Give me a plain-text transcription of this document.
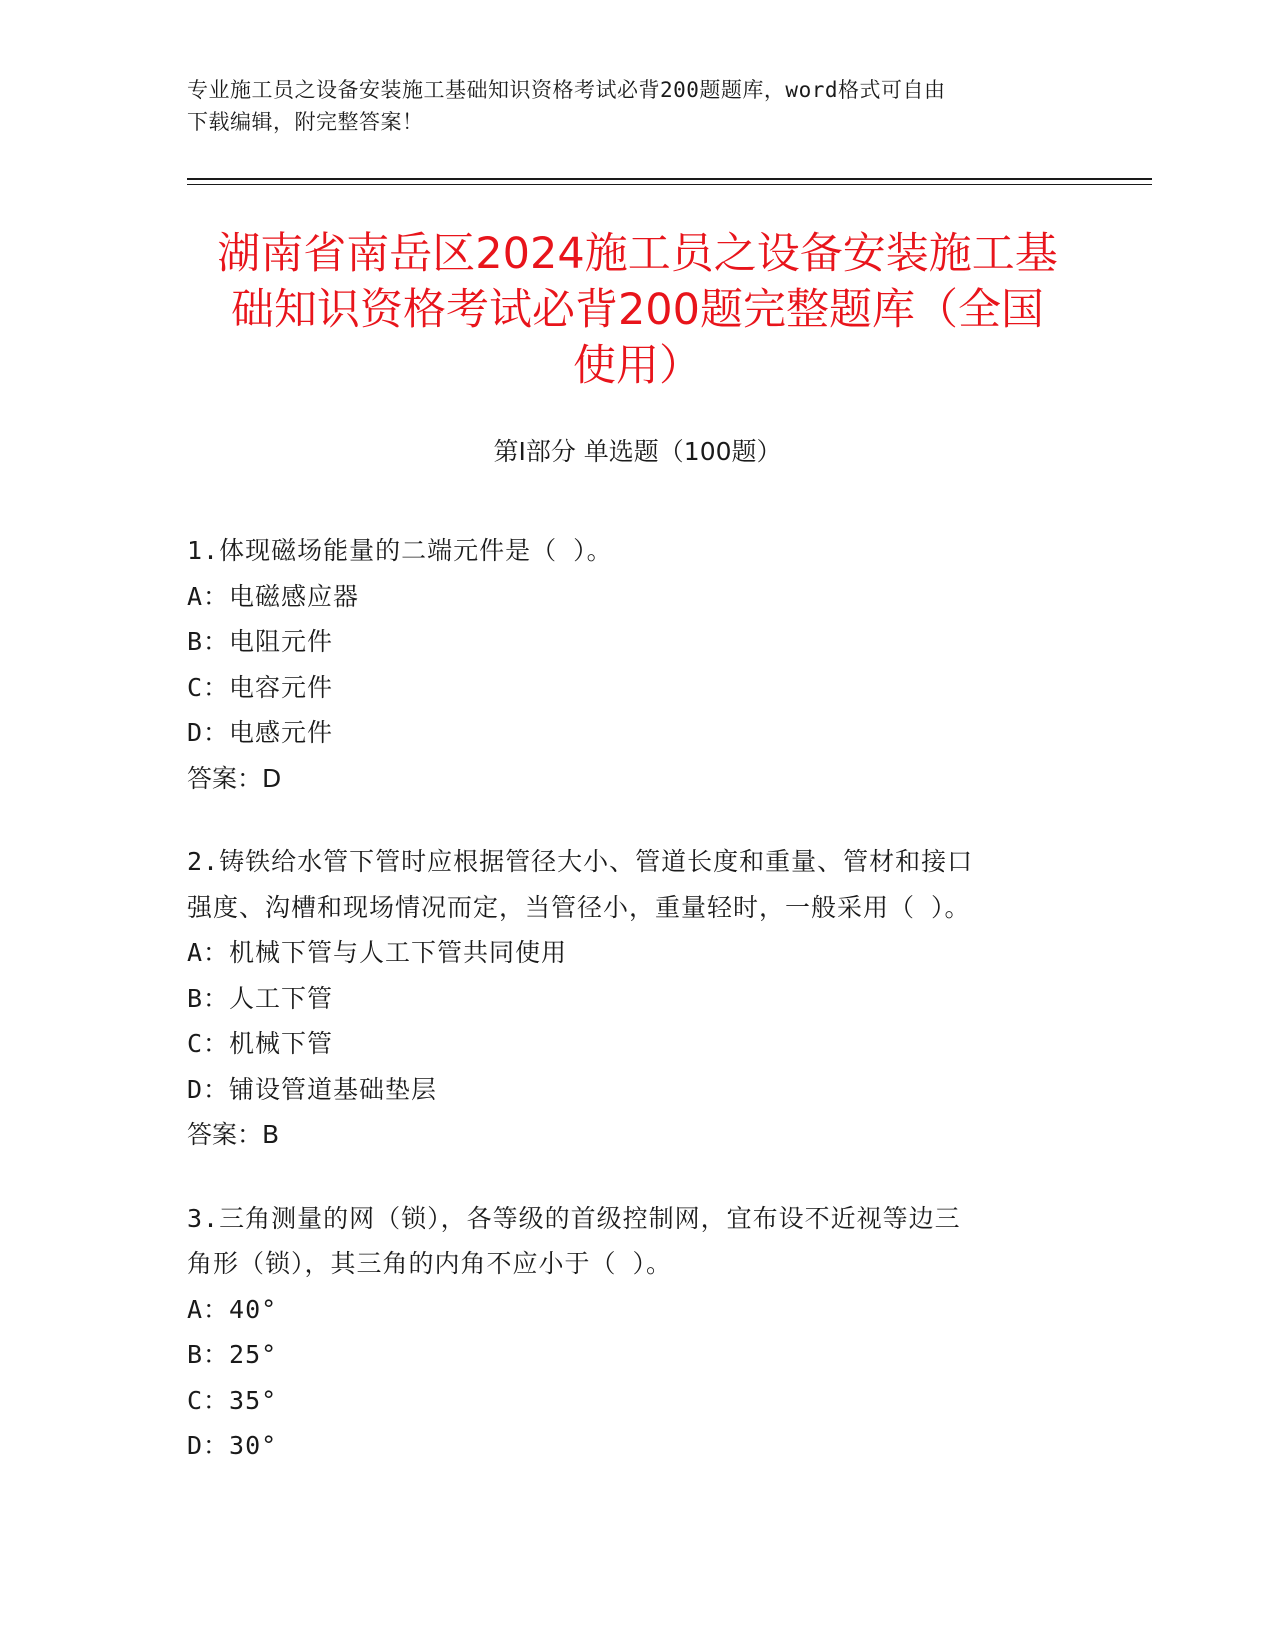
专业施工员之设备安装施工基础知识资格考试必背200题题库，word格式可自由
下载编辑，附完整答案！
湖南省南岳区2024施工员之设备安装施工基
础知识资格考试必背200题完整题库（全国
使用）
第I部分 单选题（100题）
1.体现磁场能量的二端元件是（ ）。
A：电磁感应器
B：电阻元件
C：电容元件
D：电感元件
答案：D
2.铸铁给水管下管时应根据管径大小、管道长度和重量、管材和接口
强度、沟槽和现场情况而定，当管径小，重量轻时，一般采用（ ）。
A：机械下管与人工下管共同使用
B：人工下管
C：机械下管
D：铺设管道基础垫层
答案：B
3.三角测量的网（锁），各等级的首级控制网，宜布设不近视等边三
角形（锁），其三角的内角不应小于（ ）。
A：40°
B：25°
C：35°
D：30°
